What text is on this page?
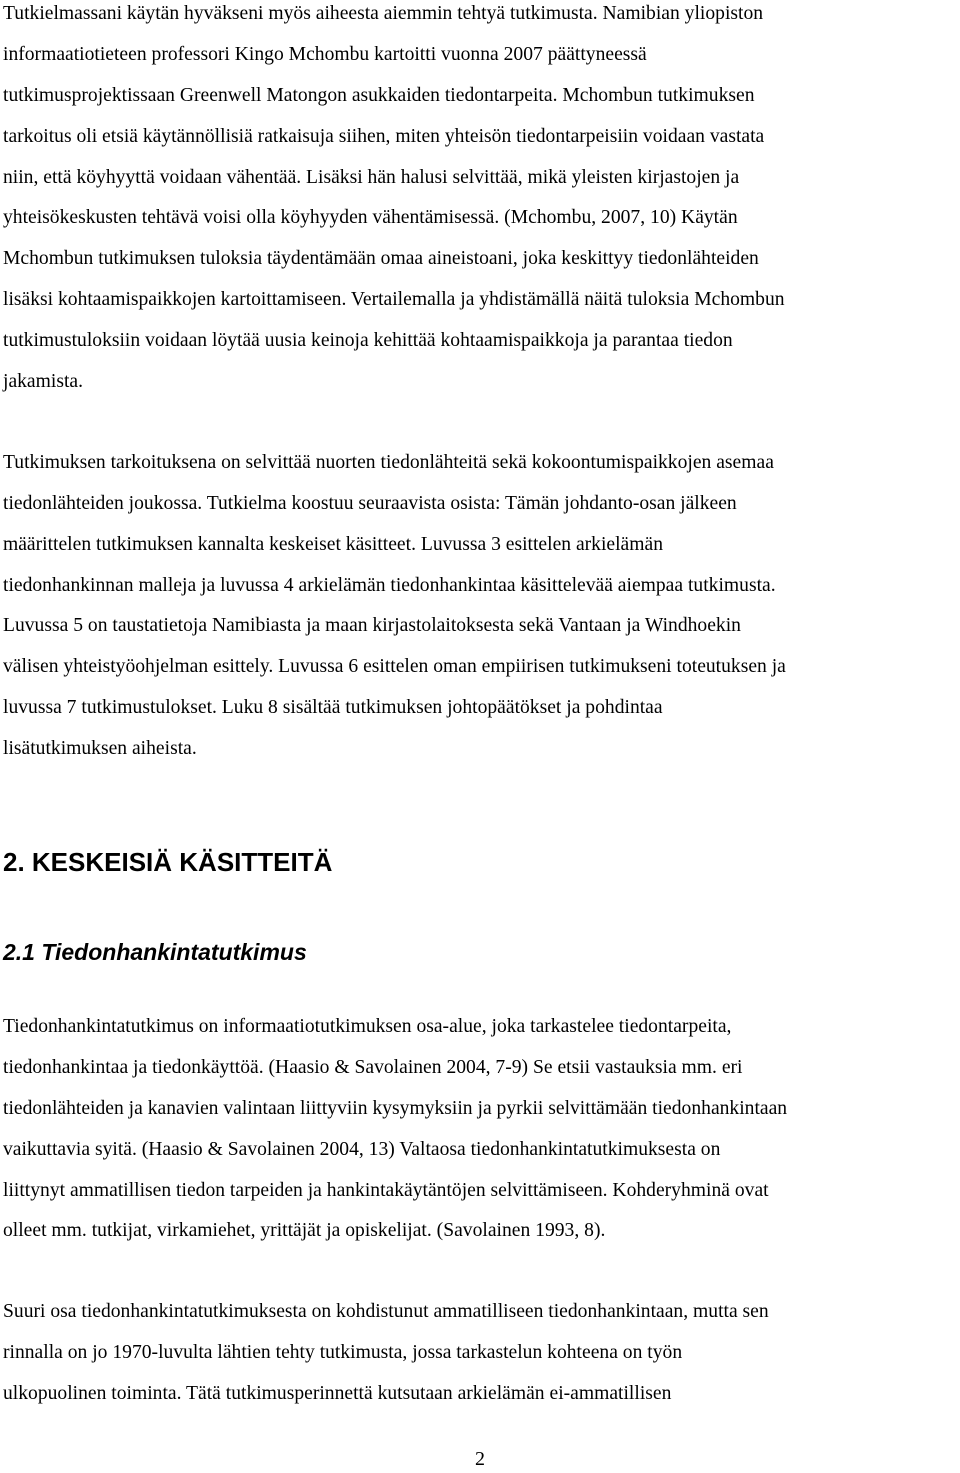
Tutkielmassani käytän hyväkseni myös aiheesta aiemmin tehtyä tutkimusta. Namibian yliopiston
informaatiotieteen professori Kingo Mchombu kartoitti vuonna 2007 päättyneessä
tutkimusprojektissaan Greenwell Matongon asukkaiden tiedontarpeita. Mchombun tutkimuksen
tarkoitus oli etsiä käytännöllisiä ratkaisuja siihen, miten yhteisön tiedontarpeisiin voidaan vastata
niin, että köyhyyttä voidaan vähentää. Lisäksi hän halusi selvittää, mikä yleisten kirjastojen ja
yhteisökeskusten tehtävä voisi olla köyhyyden vähentämisessä. (Mchombu, 2007, 10) Käytän
Mchombun tutkimuksen tuloksia täydentämään omaa aineistoani, joka keskittyy tiedonlähteiden
lisäksi kohtaamispaikkojen kartoittamiseen. Vertailemalla ja yhdistämällä näitä tuloksia Mchombun
tutkimustuloksiin voidaan löytää uusia keinoja kehittää kohtaamispaikkoja ja parantaa tiedon
jakamista.
Tutkimuksen tarkoituksena on selvittää nuorten tiedonlähteitä sekä kokoontumispaikkojen asemaa
tiedonlähteiden joukossa. Tutkielma koostuu seuraavista osista: Tämän johdanto-osan jälkeen
määrittelen tutkimuksen kannalta keskeiset käsitteet. Luvussa 3 esittelen arkielämän
tiedonhankinnan malleja ja luvussa 4 arkielämän tiedonhankintaa käsittelevää aiempaa tutkimusta.
Luvussa 5 on taustatietoja Namibiasta ja maan kirjastolaitoksesta sekä Vantaan ja Windhoekin
välisen yhteistyöohjelman esittely. Luvussa 6 esittelen oman empiirisen tutkimukseni toteutuksen ja
luvussa 7 tutkimustulokset. Luku 8 sisältää tutkimuksen johtopäätökset ja pohdintaa
lisätutkimuksen aiheista.
2. KESKEISIÄ KÄSITTEITÄ
2.1 Tiedonhankintatutkimus
Tiedonhankintatutkimus on informaatiotutkimuksen osa-alue, joka tarkastelee tiedontarpeita,
tiedonhankintaa ja tiedonkäyttöä. (Haasio & Savolainen 2004, 7-9) Se etsii vastauksia mm. eri
tiedonlähteiden ja kanavien valintaan liittyviin kysymyksiin ja pyrkii selvittämään tiedonhankintaan
vaikuttavia syitä. (Haasio & Savolainen 2004, 13) Valtaosa tiedonhankintatutkimuksesta on
liittynyt ammatillisen tiedon tarpeiden ja hankintakäytäntöjen selvittämiseen. Kohderyhminä ovat
olleet mm. tutkijat, virkamiehet, yrittäjät ja opiskelijat. (Savolainen 1993, 8).
Suuri osa tiedonhankintatutkimuksesta on kohdistunut ammatilliseen tiedonhankintaan, mutta sen
rinnalla on jo 1970-luvulta lähtien tehty tutkimusta, jossa tarkastelun kohteena on työn
ulkopuolinen toiminta. Tätä tutkimusperinnettä kutsutaan arkielämän ei-ammatillisen
2
